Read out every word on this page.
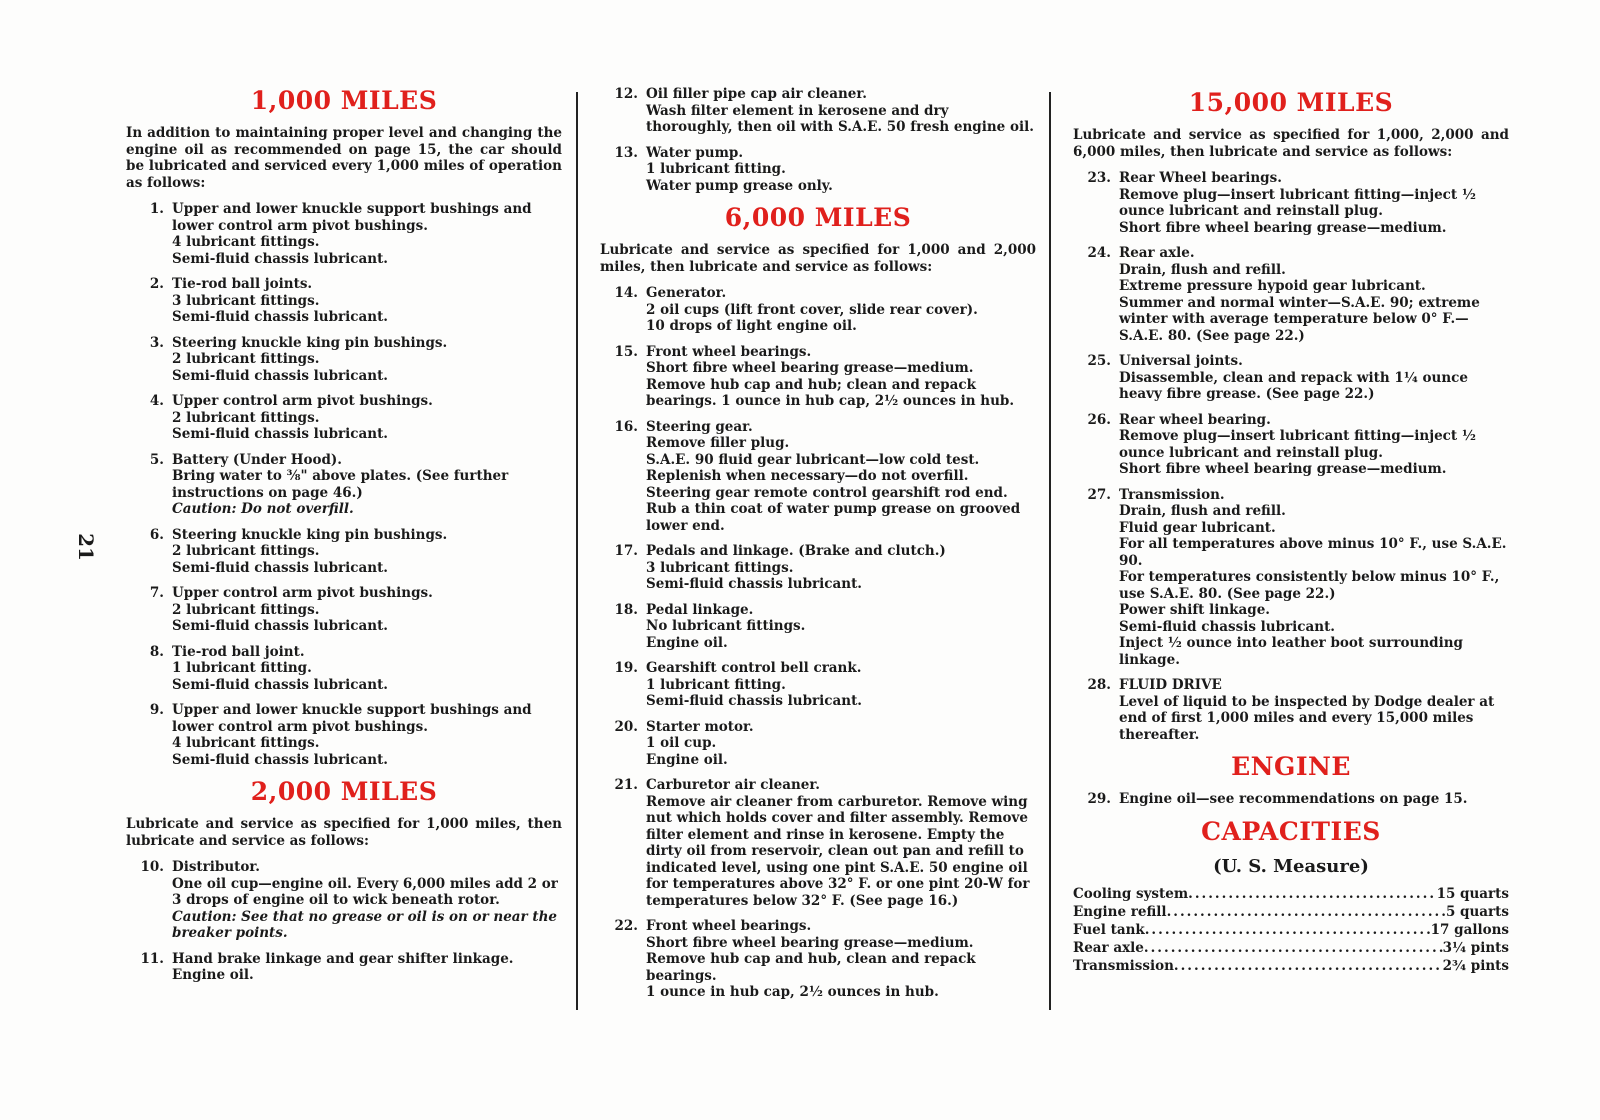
21
1,000 MILES
In addition to maintaining proper level and changing the engine oil as recommended on page 15, the car should be lubricated and serviced every 1,000 miles of operation as follows:
1. Upper and lower knuckle support bushings and lower control arm pivot bushings.
4 lubricant fittings.
Semi-fluid chassis lubricant.
2. Tie-rod ball joints.
3 lubricant fittings.
Semi-fluid chassis lubricant.
3. Steering knuckle king pin bushings.
2 lubricant fittings.
Semi-fluid chassis lubricant.
4. Upper control arm pivot bushings.
2 lubricant fittings.
Semi-fluid chassis lubricant.
5. Battery (Under Hood).
Bring water to ⅜" above plates. (See further instructions on page 46.)
Caution: Do not overfill.
6. Steering knuckle king pin bushings.
2 lubricant fittings.
Semi-fluid chassis lubricant.
7. Upper control arm pivot bushings.
2 lubricant fittings.
Semi-fluid chassis lubricant.
8. Tie-rod ball joint.
1 lubricant fitting.
Semi-fluid chassis lubricant.
9. Upper and lower knuckle support bushings and lower control arm pivot bushings.
4 lubricant fittings.
Semi-fluid chassis lubricant.
2,000 MILES
Lubricate and service as specified for 1,000 miles, then lubricate and service as follows:
10. Distributor.
One oil cup—engine oil. Every 6,000 miles add 2 or 3 drops of engine oil to wick beneath rotor.
Caution: See that no grease or oil is on or near the breaker points.
11. Hand brake linkage and gear shifter linkage.
Engine oil.
12. Oil filler pipe cap air cleaner.
Wash filter element in kerosene and dry thoroughly, then oil with S.A.E. 50 fresh engine oil.
13. Water pump.
1 lubricant fitting.
Water pump grease only.
6,000 MILES
Lubricate and service as specified for 1,000 and 2,000 miles, then lubricate and service as follows:
14. Generator.
2 oil cups (lift front cover, slide rear cover).
10 drops of light engine oil.
15. Front wheel bearings.
Short fibre wheel bearing grease—medium.
Remove hub cap and hub; clean and repack bearings. 1 ounce in hub cap, 2½ ounces in hub.
16. Steering gear.
Remove filler plug.
S.A.E. 90 fluid gear lubricant—low cold test.
Replenish when necessary—do not overfill.
Steering gear remote control gearshift rod end.
Rub a thin coat of water pump grease on grooved lower end.
17. Pedals and linkage. (Brake and clutch.)
3 lubricant fittings.
Semi-fluid chassis lubricant.
18. Pedal linkage.
No lubricant fittings.
Engine oil.
19. Gearshift control bell crank.
1 lubricant fitting.
Semi-fluid chassis lubricant.
20. Starter motor.
1 oil cup.
Engine oil.
21. Carburetor air cleaner.
Remove air cleaner from carburetor. Remove wing nut which holds cover and filter assembly. Remove filter element and rinse in kerosene. Empty the dirty oil from reservoir, clean out pan and refill to indicated level, using one pint S.A.E. 50 engine oil for temperatures above 32° F. or one pint 20-W for temperatures below 32° F. (See page 16.)
22. Front wheel bearings.
Short fibre wheel bearing grease—medium.
Remove hub cap and hub, clean and repack bearings.
1 ounce in hub cap, 2½ ounces in hub.
15,000 MILES
Lubricate and service as specified for 1,000, 2,000 and 6,000 miles, then lubricate and service as follows:
23. Rear Wheel bearings.
Remove plug—insert lubricant fitting—inject ½ ounce lubricant and reinstall plug.
Short fibre wheel bearing grease—medium.
24. Rear axle.
Drain, flush and refill.
Extreme pressure hypoid gear lubricant.
Summer and normal winter—S.A.E. 90; extreme winter with average temperature below 0° F.—S.A.E. 80. (See page 22.)
25. Universal joints.
Disassemble, clean and repack with 1¼ ounce heavy fibre grease. (See page 22.)
26. Rear wheel bearing.
Remove plug—insert lubricant fitting—inject ½ ounce lubricant and reinstall plug.
Short fibre wheel bearing grease—medium.
27. Transmission.
Drain, flush and refill.
Fluid gear lubricant.
For all temperatures above minus 10° F., use S.A.E. 90.
For temperatures consistently below minus 10° F., use S.A.E. 80. (See page 22.)
Power shift linkage.
Semi-fluid chassis lubricant.
Inject ½ ounce into leather boot surrounding linkage.
28. FLUID DRIVE
Level of liquid to be inspected by Dodge dealer at end of first 1,000 miles and every 15,000 miles thereafter.
ENGINE
29. Engine oil—see recommendations on page 15.
CAPACITIES
(U. S. Measure)
Cooling system .....	15 quarts
Engine refill .....	5 quarts
Fuel tank .....	17 gallons
Rear axle .....	3¼ pints
Transmission .....	2¾ pints
